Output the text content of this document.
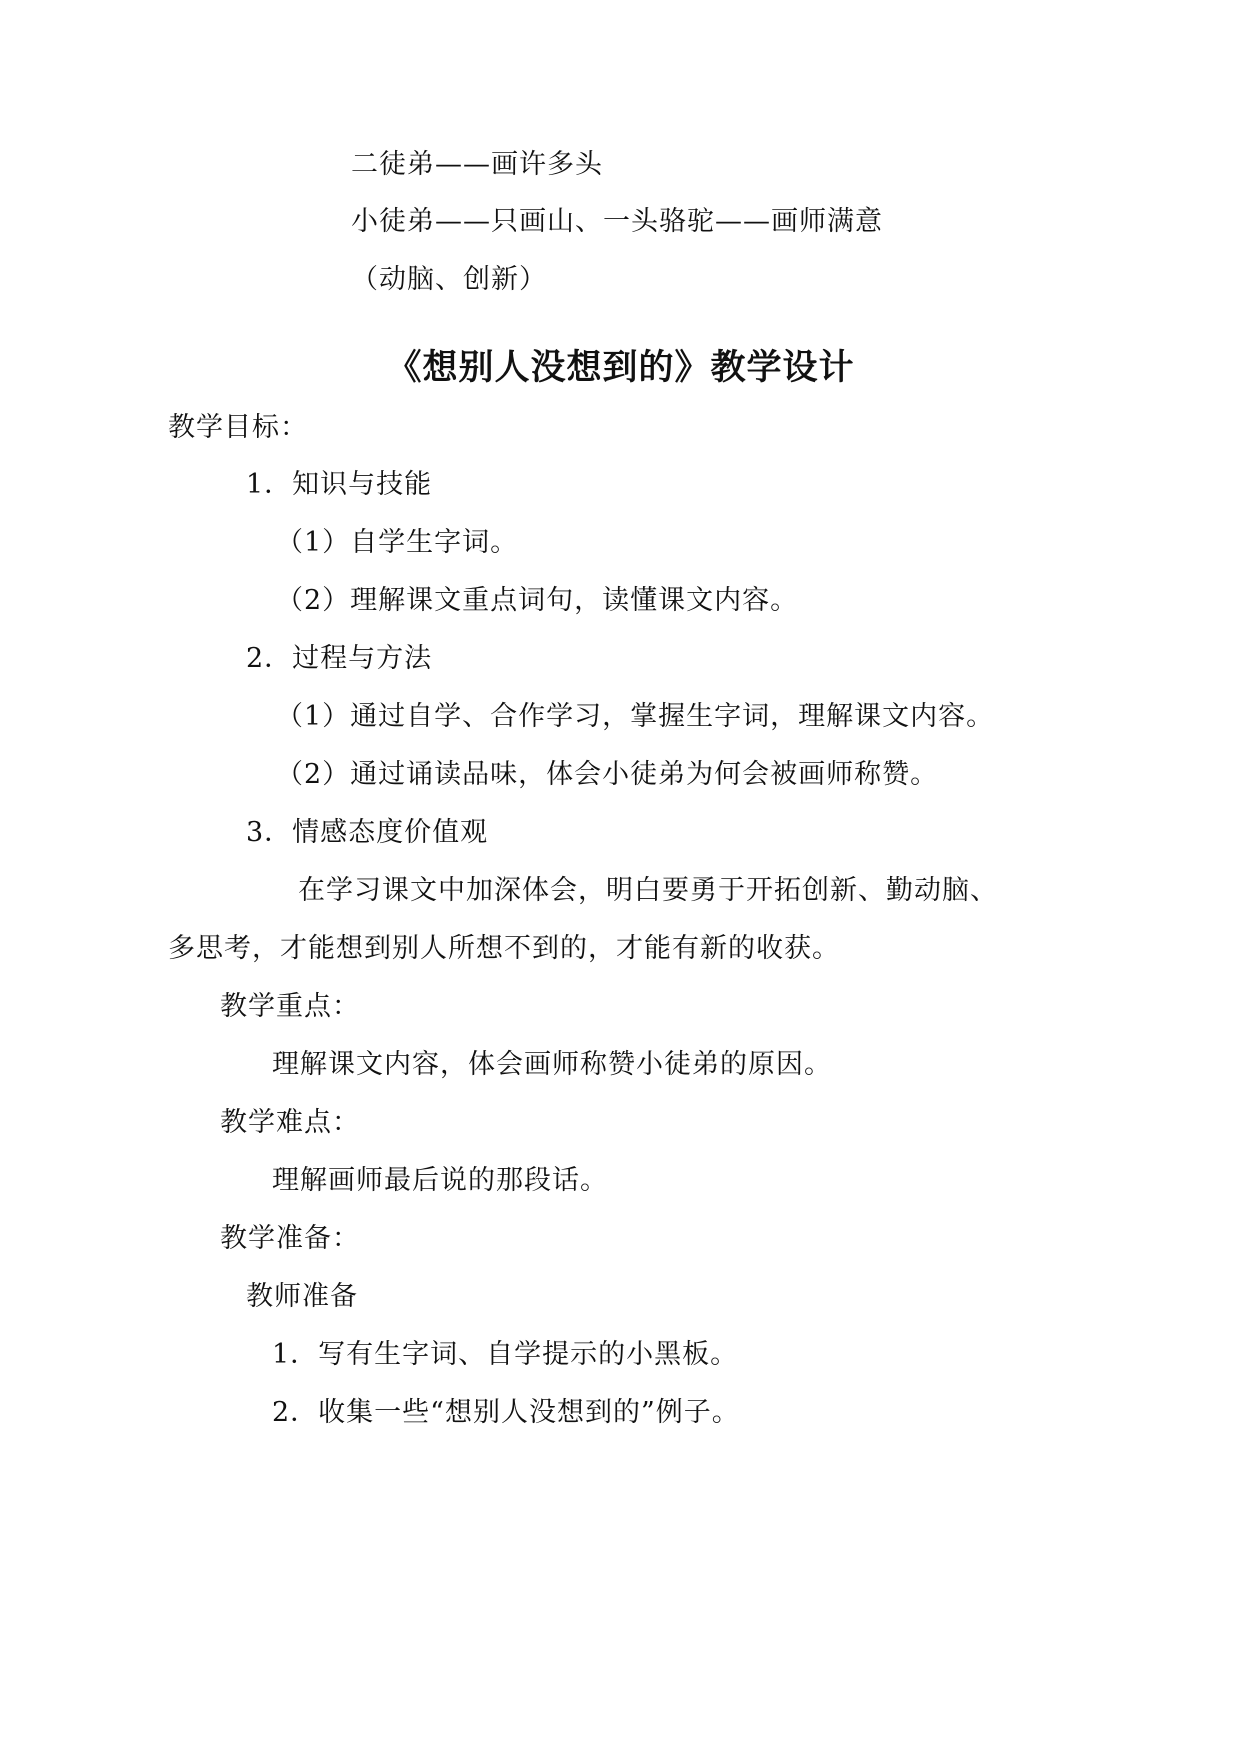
二徒弟——画许多头
小徒弟——只画山、一头骆驼——画师满意
（动脑、创新）
《想别人没想到的》教学设计
教学目标：
1．知识与技能
（1）自学生字词。
（2）理解课文重点词句，读懂课文内容。
2．过程与方法
（1）通过自学、合作学习，掌握生字词，理解课文内容。
（2）通过诵读品味，体会小徒弟为何会被画师称赞。
3．情感态度价值观
在学习课文中加深体会，明白要勇于开拓创新、勤动脑、
多思考，才能想到别人所想不到的，才能有新的收获。
教学重点：
理解课文内容，体会画师称赞小徒弟的原因。
教学难点：
理解画师最后说的那段话。
教学准备：
教师准备
1．写有生字词、自学提示的小黑板。
2．收集一些“想别人没想到的”例子。
